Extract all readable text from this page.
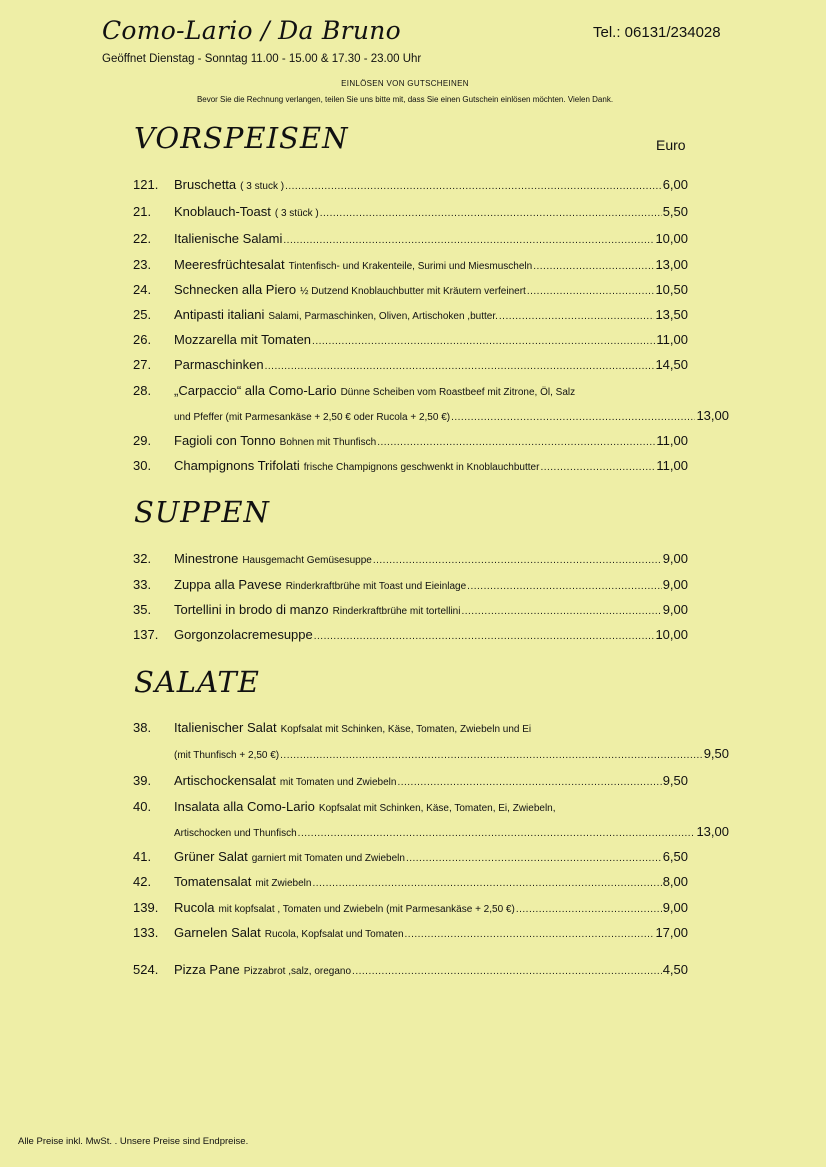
Como-Lario / Da Bruno	Tel.: 06131/234028
Geöffnet Dienstag - Sonntag 11.00 - 15.00 & 17.30 - 23.00 Uhr
EINLÖSEN VON GUTSCHEINEN
Bevor Sie die Rechnung verlangen, teilen Sie uns bitte mit, dass Sie einen Gutschein einlösen möchten. Vielen Dank.
VORSPEISEN	Euro
SUPPEN
SALATE
121.	Bruschetta ( 3 stuck ) .....	6,00
21.	Knoblauch-Toast ( 3 stück ) .....	5,50
22.	Italienische Salami .....	10,00
23.	Meeresfrüchtesalat Tintenfisch- und Krakenteile, Surimi und Miesmuscheln .....	13,00
24.	Schnecken alla Piero ½ Dutzend Knoblauchbutter mit Kräutern verfeinert .....	10,50
25.	Antipasti italiani Salami, Parmaschinken, Oliven, Artischoken ,butter. .....	13,50
26.	Mozzarella mit Tomaten .....	11,00
27.	Parmaschinken .....	14,50
28.	„Carpaccio“ alla Como-Lario Dünne Scheiben vom Roastbeef mit Zitrone, Öl, Salz
und Pfeffer (mit Parmesankäse + 2,50 € oder Rucola + 2,50 €) .....	13,00
29.	Fagioli con Tonno Bohnen mit Thunfisch .....	11,00
30.	Champignons Trifolati frische Champignons geschwenkt in Knoblauchbutter .....	11,00
32.	Minestrone Hausgemacht Gemüsesuppe .....	9,00
33.	Zuppa alla Pavese Rinderkraftbrühe mit Toast und Eieinlage .....	9,00
35.	Tortellini in brodo di manzo Rinderkraftbrühe mit tortellini .....	9,00
137.	Gorgonzolacremesuppe .....	10,00
38.	Italienischer Salat Kopfsalat mit Schinken, Käse, Tomaten, Zwiebeln und Ei
(mit Thunfisch + 2,50 €) .....	9,50
39.	Artischockensalat mit Tomaten und Zwiebeln .....	9,50
40.	Insalata alla Como-Lario Kopfsalat mit Schinken, Käse, Tomaten, Ei, Zwiebeln,
Artischocken und Thunfisch .....	13,00
41.	Grüner Salat garniert mit Tomaten und Zwiebeln .....	6,50
42.	Tomatensalat mit Zwiebeln .....	8,00
139.	Rucola mit kopfsalat , Tomaten und Zwiebeln (mit Parmesankäse + 2,50 €) .....	9,00
133.	Garnelen Salat Rucola, Kopfsalat und Tomaten .....	17,00
524.	Pizza Pane Pizzabrot ,salz, oregano .....	4,50
Alle Preise inkl. MwSt. . Unsere Preise sind Endpreise.
